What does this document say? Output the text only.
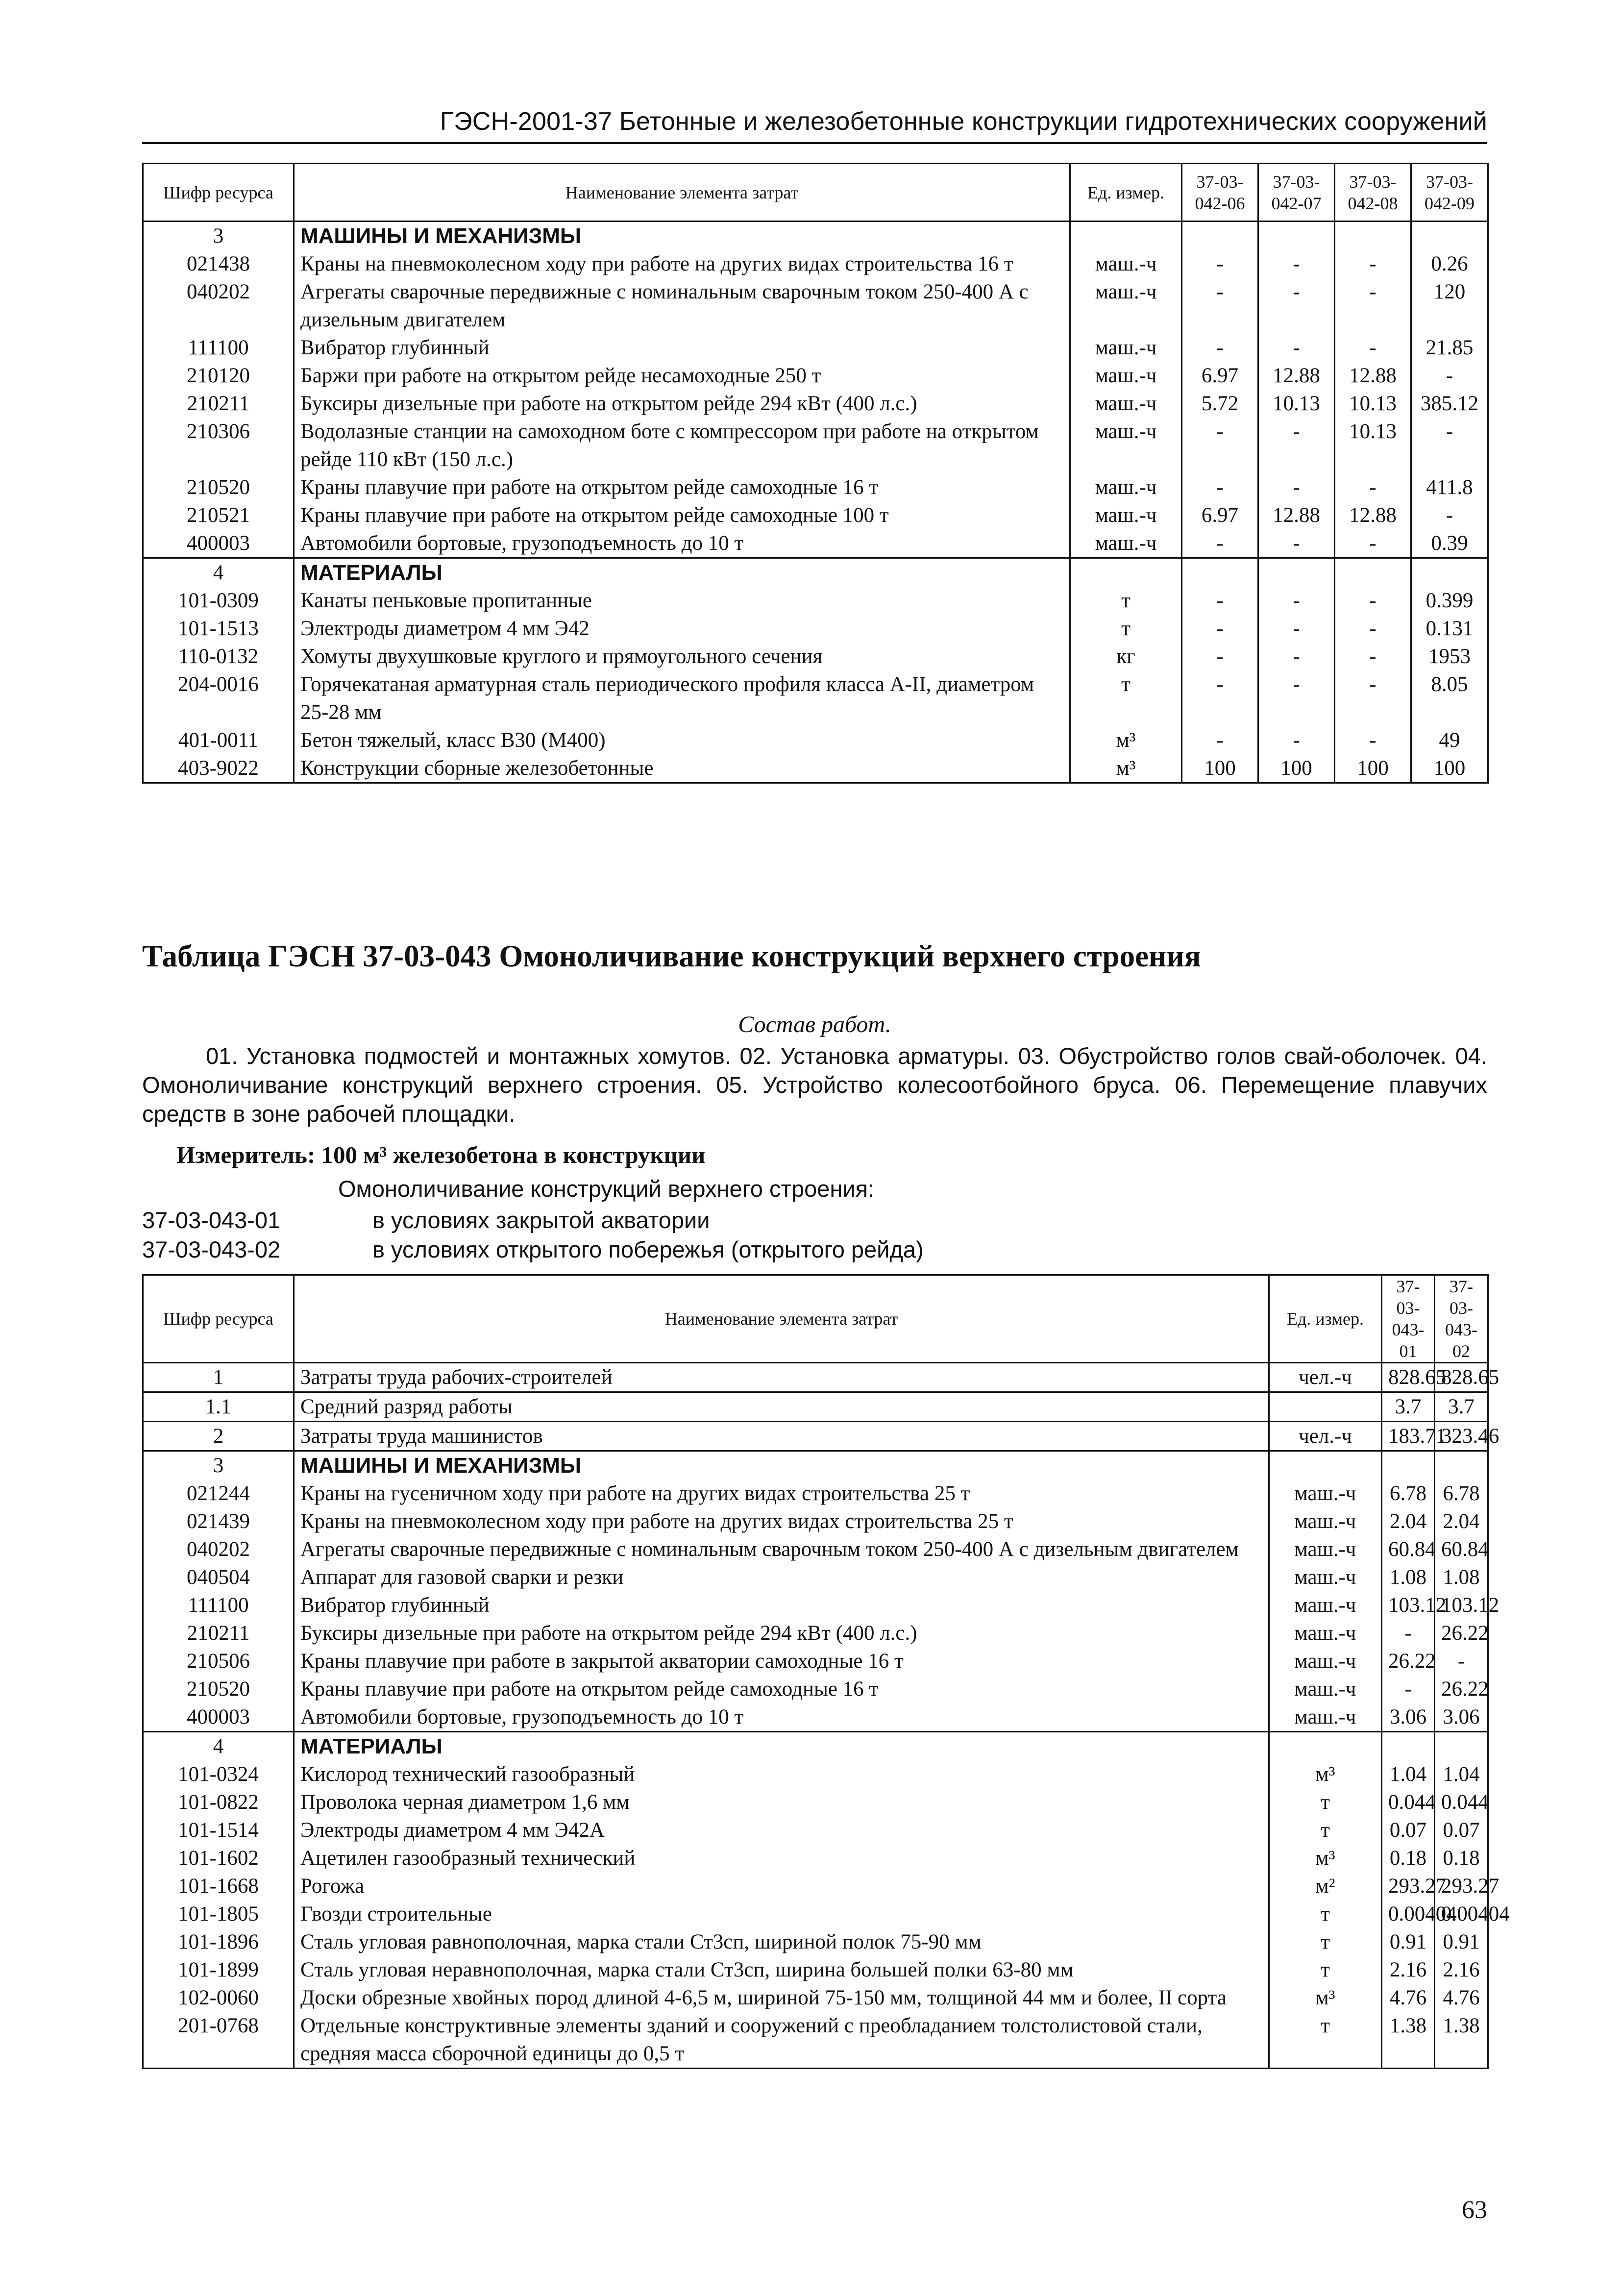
ГЭСН-2001-37 Бетонные и железобетонные конструкции гидротехнических сооружений
Шифр ресурса	Наименование элемента затрат	Ед. измер.	37-03-042-06	37-03-042-07	37-03-042-08	37-03-042-09
3	МАШИНЫ И МЕХАНИЗМЫ					
021438	Краны на пневмоколесном ходу при работе на других видах строительства 16 т	маш.-ч	-	-	-	0.26
040202	Агрегаты сварочные передвижные с номинальным сварочным током 250-400 А с дизельным двигателем	маш.-ч	-	-	-	120
111100	Вибратор глубинный	маш.-ч	-	-	-	21.85
210120	Баржи при работе на открытом рейде несамоходные 250 т	маш.-ч	6.97	12.88	12.88	-
210211	Буксиры дизельные при работе на открытом рейде 294 кВт (400 л.с.)	маш.-ч	5.72	10.13	10.13	385.12
210306	Водолазные станции на самоходном боте с компрессором при работе на открытом рейде 110 кВт (150 л.с.)	маш.-ч	-	-	10.13	-
210520	Краны плавучие при работе на открытом рейде самоходные 16 т	маш.-ч	-	-	-	411.8
210521	Краны плавучие при работе на открытом рейде самоходные 100 т	маш.-ч	6.97	12.88	12.88	-
400003	Автомобили бортовые, грузоподъемность до 10 т	маш.-ч	-	-	-	0.39
4	МАТЕРИАЛЫ					
101-0309	Канаты пеньковые пропитанные	т	-	-	-	0.399
101-1513	Электроды диаметром 4 мм Э42	т	-	-	-	0.131
110-0132	Хомуты двухушковые круглого и прямоугольного сечения	кг	-	-	-	1953
204-0016	Горячекатаная арматурная сталь периодического профиля класса А-II, диаметром 25-28 мм	т	-	-	-	8.05
401-0011	Бетон тяжелый, класс В30 (М400)	м³	-	-	-	49
403-9022	Конструкции сборные железобетонные	м³	100	100	100	100
Таблица ГЭСН 37-03-043 Омоноличивание конструкций верхнего строения
Состав работ.
01. Установка подмостей и монтажных хомутов. 02. Установка арматуры. 03. Обустройство голов свай-оболочек. 04. Омоноличивание конструкций верхнего строения. 05. Устройство колесоотбойного бруса. 06. Перемещение плавучих средств в зоне рабочей площадки.
Измеритель: 100 м³ железобетона в конструкции
Омоноличивание конструкций верхнего строения:
37-03-043-01	в условиях закрытой акватории
37-03-043-02	в условиях открытого побережья (открытого рейда)
Шифр ресурса	Наименование элемента затрат	Ед. измер.	37-03-043-01	37-03-043-02
1	Затраты труда рабочих-строителей	чел.-ч	828.65	828.65
1.1	Средний разряд работы		3.7	3.7
2	Затраты труда машинистов	чел.-ч	183.71	323.46
3	МАШИНЫ И МЕХАНИЗМЫ			
021244	Краны на гусеничном ходу при работе на других видах строительства 25 т	маш.-ч	6.78	6.78
021439	Краны на пневмоколесном ходу при работе на других видах строительства 25 т	маш.-ч	2.04	2.04
040202	Агрегаты сварочные передвижные с номинальным сварочным током 250-400 А с дизельным двигателем	маш.-ч	60.84	60.84
040504	Аппарат для газовой сварки и резки	маш.-ч	1.08	1.08
111100	Вибратор глубинный	маш.-ч	103.12	103.12
210211	Буксиры дизельные при работе на открытом рейде 294 кВт (400 л.с.)	маш.-ч	-	26.22
210506	Краны плавучие при работе в закрытой акватории самоходные 16 т	маш.-ч	26.22	-
210520	Краны плавучие при работе на открытом рейде самоходные 16 т	маш.-ч	-	26.22
400003	Автомобили бортовые, грузоподъемность до 10 т	маш.-ч	3.06	3.06
4	МАТЕРИАЛЫ			
101-0324	Кислород технический газообразный	м³	1.04	1.04
101-0822	Проволока черная диаметром 1,6 мм	т	0.044	0.044
101-1514	Электроды диаметром 4 мм Э42А	т	0.07	0.07
101-1602	Ацетилен газообразный технический	м³	0.18	0.18
101-1668	Рогожа	м²	293.27	293.27
101-1805	Гвозди строительные	т	0.00404	0.00404
101-1896	Сталь угловая равнополочная, марка стали Ст3сп, шириной полок 75-90 мм	т	0.91	0.91
101-1899	Сталь угловая неравнополочная, марка стали Ст3сп, ширина большей полки 63-80 мм	т	2.16	2.16
102-0060	Доски обрезные хвойных пород длиной 4-6,5 м, шириной 75-150 мм, толщиной 44 мм и более, II сорта	м³	4.76	4.76
201-0768	Отдельные конструктивные элементы зданий и сооружений с преобладанием толстолистовой стали, средняя масса сборочной единицы до 0,5 т	т	1.38	1.38
63
